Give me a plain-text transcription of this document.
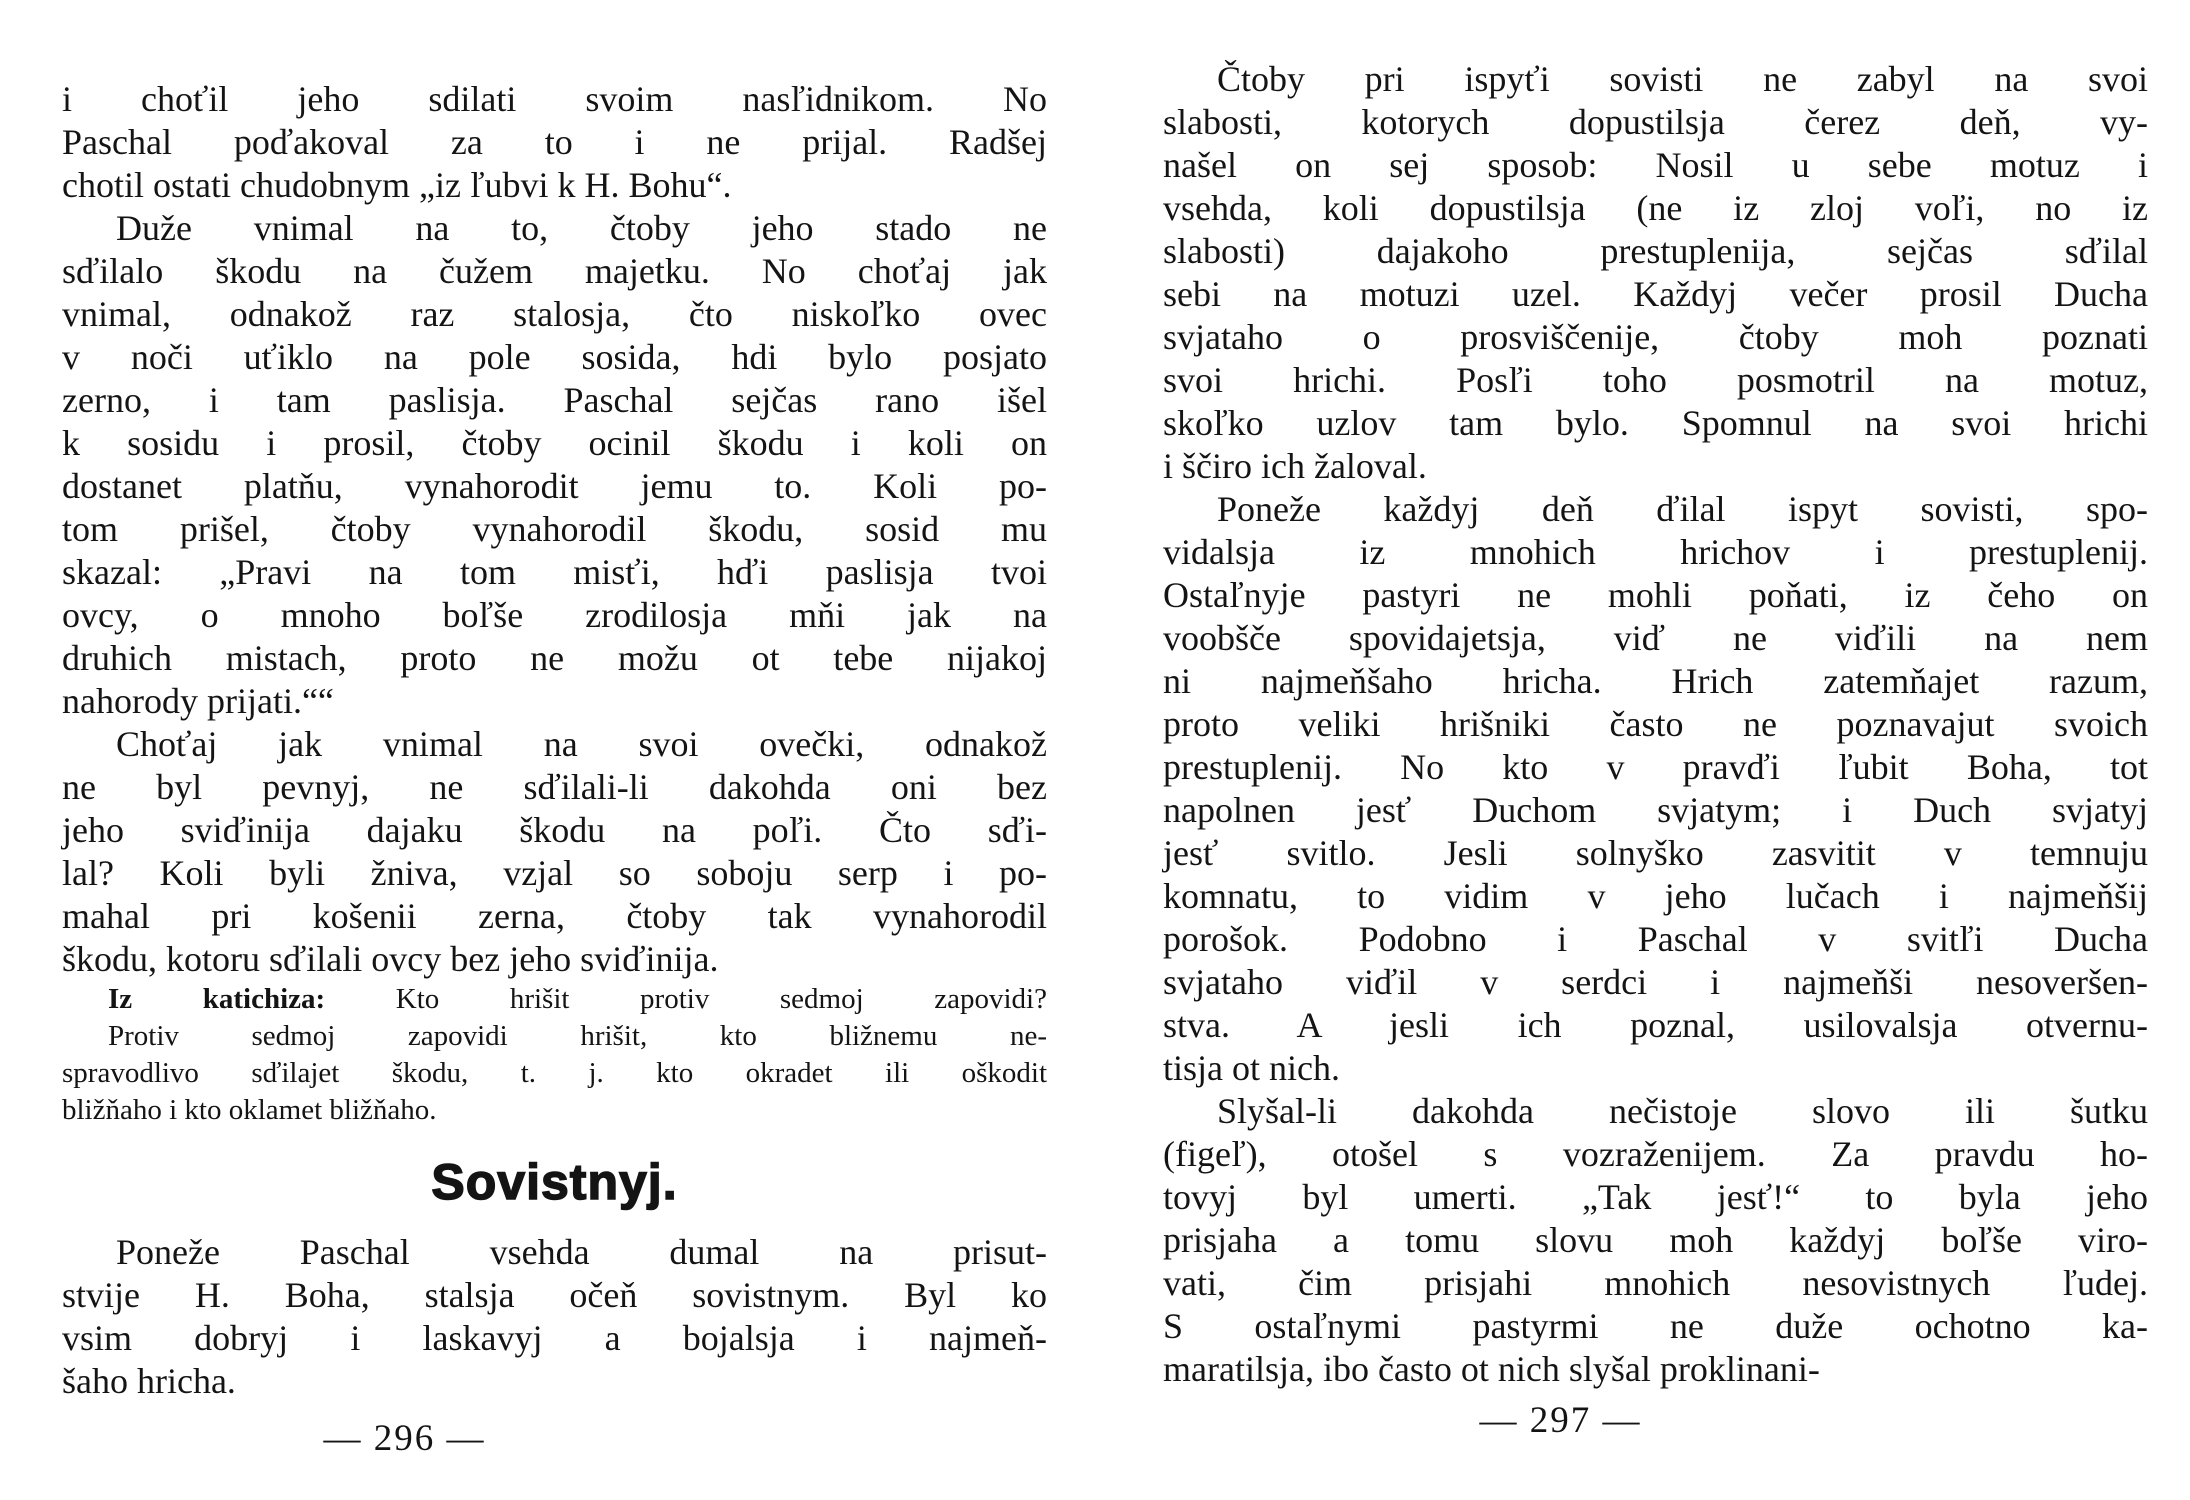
i choťil jeho sdilati svoim nasľidnikom. No
Paschal poďakoval za to i ne prijal. Radšej
chotil ostati chudobnym „iz ľubvi k H. Bohu“.
Duže vnimal na to, čtoby jeho stado ne
sďilalo škodu na čužem majetku. No choťaj jak
vnimal, odnakož raz stalosja, čto niskoľko ovec
v noči uťiklo na pole sosida, hdi bylo posjato
zerno, i tam paslisja. Paschal sejčas rano išel
k sosidu i prosil, čtoby ocinil škodu i koli on
dostanet platňu, vynahorodit jemu to. Koli po-
tom prišel, čtoby vynahorodil škodu, sosid mu
skazal: „Pravi na tom misťi, hďi paslisja tvoi
ovcy, o mnoho boľše zrodilosja mňi jak na
druhich mistach, proto ne možu ot tebe nijakoj
nahorody prijati.““
Choťaj jak vnimal na svoi ovečki, odnakož
ne byl pevnyj, ne sďilali-li dakohda oni bez
jeho sviďinija dajaku škodu na poľi. Čto sďi-
lal? Koli byli žniva, vzjal so soboju serp i po-
mahal pri košenii zerna, čtoby tak vynahorodil
škodu, kotoru sďilali ovcy bez jeho sviďinija.
Iz katichiza: Kto hrišit protiv sedmoj zapovidi?
Protiv sedmoj zapovidi hrišit, kto bližnemu ne-
spravodlivo sďilajet škodu, t. j. kto okradet ili oškodit
bližňaho i kto oklamet bližňaho.
Sovistnyj.
Poneže Paschal vsehda dumal na prisut-
stvije H. Boha, stalsja očeň sovistnym. Byl ko
vsim dobryj i laskavyj a bojalsja i najmeň-
šaho hricha.
— 296 —
Čtoby pri ispyťi sovisti ne zabyl na svoi
slabosti, kotorych dopustilsja čerez deň, vy-
našel on sej sposob: Nosil u sebe motuz i
vsehda, koli dopustilsja (ne iz zloj voľi, no iz
slabosti) dajakoho prestuplenija, sejčas sďilal
sebi na motuzi uzel. Každyj večer prosil Ducha
svjataho o prosviščenije, čtoby moh poznati
svoi hrichi. Posľi toho posmotril na motuz,
skoľko uzlov tam bylo. Spomnul na svoi hrichi
i ščiro ich žaloval.
Poneže každyj deň ďilal ispyt sovisti, spo-
vidalsja iz mnohich hrichov i prestuplenij.
Ostaľnyje pastyri ne mohli poňati, iz čeho on
voobšče spovidajetsja, viď ne viďili na nem
ni najmeňšaho hricha. Hrich zatemňajet razum,
proto veliki hrišniki často ne poznavajut svoich
prestuplenij. No kto v pravďi ľubit Boha, tot
napolnen jesť Duchom svjatym; i Duch svjatyj
jesť svitlo. Jesli solnyško zasvitit v temnuju
komnatu, to vidim v jeho lučach i najmeňšij
porošok. Podobno i Paschal v svitľi Ducha
svjataho viďil v serdci i najmeňši nesoveršen-
stva. A jesli ich poznal, usilovalsja otvernu-
tisja ot nich.
Slyšal-li dakohda nečistoje slovo ili šutku
(figeľ), otošel s vozraženijem. Za pravdu ho-
tovyj byl umerti. „Tak jesť!“ to byla jeho
prisjaha a tomu slovu moh každyj boľše viro-
vati, čim prisjahi mnohich nesovistnych ľudej.
S ostaľnymi pastyrmi ne duže ochotno ka-
maratilsja, ibo často ot nich slyšal proklinani-
— 297 —
